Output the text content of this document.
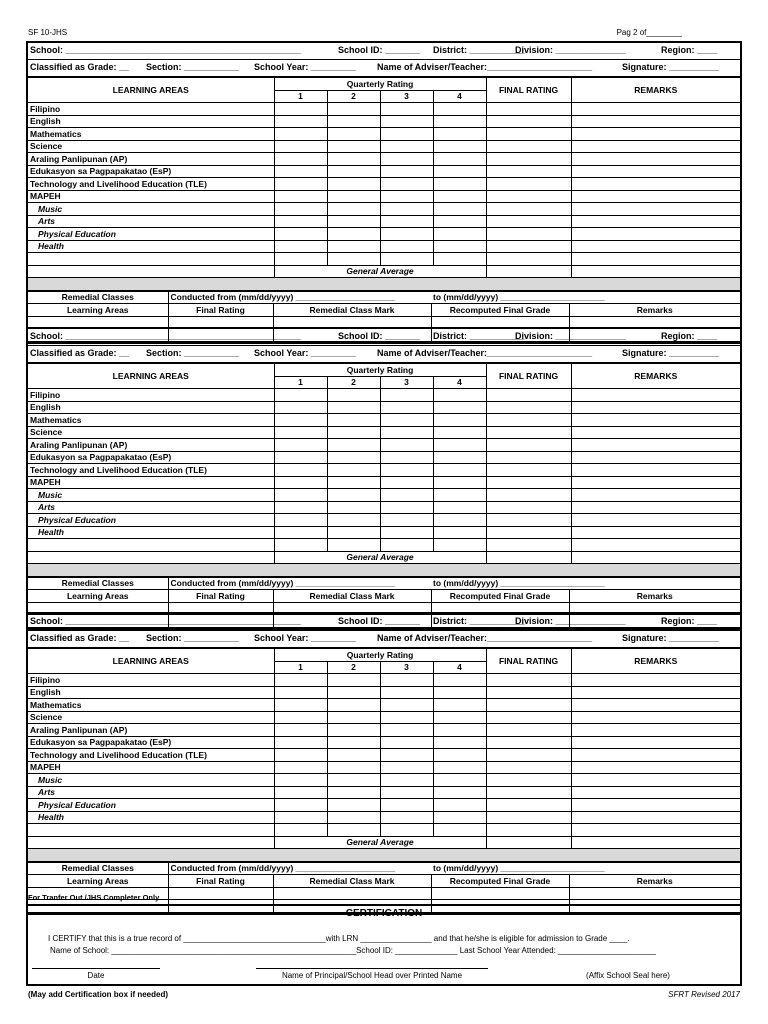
SF 10-JHS	Pag 2 of________
School: _______________________________________________	School ID: _______ District: ___________
Division: ______________	Region: ____
Classified as Grade: __ Section: ___________ School Year: _________ Name of Adviser/Teacher:_____________________	Signature: __________
LEARNING AREAS	Quarterly Rating				FINAL RATING	REMARKS
	1	2	3	4		
Filipino						
English						
Mathematics						
Science						
Araling Panlipunan (AP)						
Edukasyon sa Pagpapakatao (EsP)						
Technology and Livelihood Education (TLE)						
MAPEH						
Music						
Arts						
Physical Education						
Health						

	General Average					

Remedial Classes	Conducted from (mm/dd/yyyy) _____________________		to (mm/dd/yyyy) ______________________	
Learning Areas	Final Rating	Remedial Class Mark	Recomputed Final Grade	Remarks

School: _______________________________________________	School ID: _______ District: ___________
Division: ______________	Region: ____
Classified as Grade: __ Section: ___________ School Year: _________ Name of Adviser/Teacher:_____________________	Signature: __________
LEARNING AREAS	Quarterly Rating				FINAL RATING	REMARKS
	1	2	3	4		
Filipino						
English						
Mathematics						
Science						
Araling Panlipunan (AP)						
Edukasyon sa Pagpapakatao (EsP)						
Technology and Livelihood Education (TLE)						
MAPEH						
Music						
Arts						
Physical Education						
Health						

	General Average					

Remedial Classes	Conducted from (mm/dd/yyyy) _____________________		to (mm/dd/yyyy) ______________________	
Learning Areas	Final Rating	Remedial Class Mark	Recomputed Final Grade	Remarks

School: _______________________________________________	School ID: _______ District: ___________
Division: ______________	Region: ____
Classified as Grade: __ Section: ___________ School Year: _________ Name of Adviser/Teacher:_____________________	Signature: __________
LEARNING AREAS	Quarterly Rating				FINAL RATING	REMARKS
	1	2	3	4		
Filipino						
English						
Mathematics						
Science						
Araling Panlipunan (AP)						
Edukasyon sa Pagpapakatao (EsP)						
Technology and Livelihood Education (TLE)						
MAPEH						
Music						
Arts						
Physical Education						
Health						

	General Average					

Remedial Classes	Conducted from (mm/dd/yyyy) _____________________		to (mm/dd/yyyy) ______________________	
Learning Areas	Final Rating	Remedial Class Mark	Recomputed Final Grade	Remarks

For Tranfer Out /JHS Completer Only
CERTIFICATION
I CERTIFY that this is a true record of ________________________________with LRN ________________ and that he/she is eligible for admission to Grade ____.
Name of School: _______________________________________________________School ID: ______________ Last School Year Attended: ______________________
Date	Name of Principal/School Head over Printed Name	(Affix School Seal here)
(May add Certification box if needed)	SFRT Revised 2017
